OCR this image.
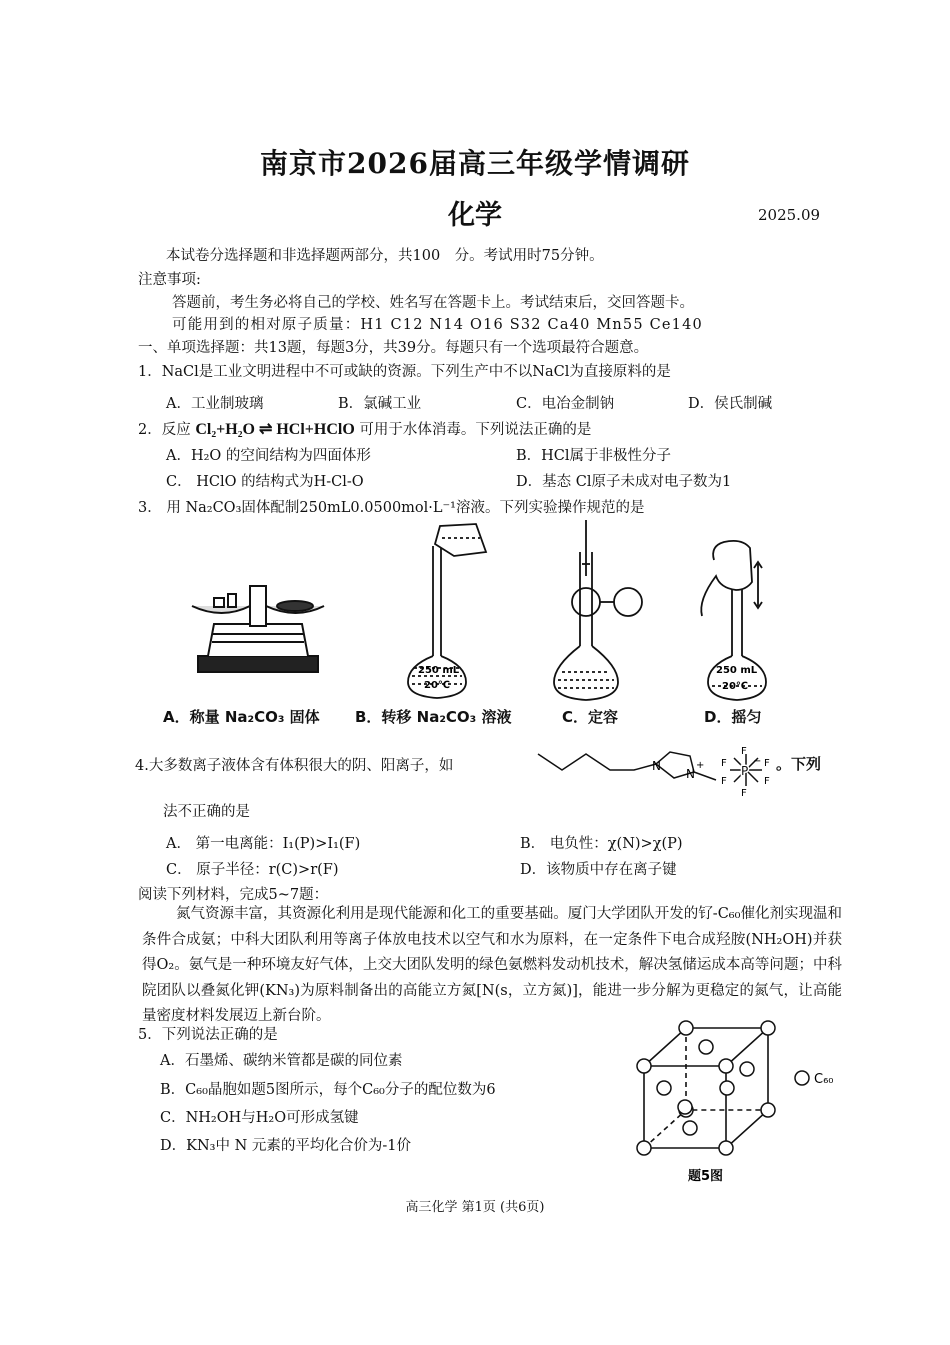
南京市2026届高三年级学情调研
化学	2025.09
本试卷分选择题和非选择题两部分，共100　分。考试用时75分钟。
注意事项:
答题前，考生务必将自己的学校、姓名写在答题卡上。考试结束后，交回答题卡。
可能用到的相对原子质量：H1 C12 N14 O16 S32 Ca40 Mn55 Ce140
一、单项选择题：共13题，每题3分，共39分。每题只有一个选项最符合题意。
1．NaCl是工业文明进程中不可或缺的资源。下列生产中不以NaCl为直接原料的是
A．工业制玻璃	B．氯碱工业	C．电冶金制钠	D．侯氏制碱
2．反应 Cl₂+H₂O ⇌ HCl+HClO 可用于水体消毒。下列说法正确的是
A．H₂O 的空间结构为四面体形	B．HCl属于非极性分子
C． HClO 的结构式为H-Cl-O	D．基态 Cl原子未成对电子数为1
3． 用 Na₂CO₃固体配制250mL0.0500mol·L⁻¹溶液。下列实验操作规范的是
250 mL
20℃
250 mL
20℃
A．称量 Na₂CO₃ 固体 B．转移 Na₂CO₃ 溶液	C．定容	D．摇匀
4.大多数离子液体含有体积很大的阴、阳离子，如	N
N
+	P
−
F
F
F	F
F	F
。下列
法不正确的是
A． 第一电离能：I₁(P)>I₁(F)	B． 电负性：χ(N)>χ(P)
C． 原子半径：r(C)>r(F)	D．该物质中存在离子键
阅读下列材料，完成5~7题：
氮气资源丰富，其资源化利用是现代能源和化工的重要基础。厦门大学团队开发的钌-C₆₀催化剂实现温和条件合成氨；中科大团队利用等离子体放电技术以空气和水为原料，在一定条件下电合成羟胺(NH₂OH)并获得O₂。氨气是一种环境友好气体，上交大团队发明的绿色氨燃料发动机技术，解决氢储运成本高等问题；中科院团队以叠氮化钾(KN₃)为原料制备出的高能立方氮[N(s，立方氮)]，能进一步分解为更稳定的氮气，让高能量密度材料发展迈上新台阶。
5．下列说法正确的是
A．石墨烯、碳纳米管都是碳的同位素
B．C₆₀晶胞如题5图所示，每个C₆₀分子的配位数为6
C．NH₂OH与H₂O可形成氢键
D．KN₃中 N 元素的平均化合价为-1价
C₆₀
题5图
高三化学 第1页 (共6页)
